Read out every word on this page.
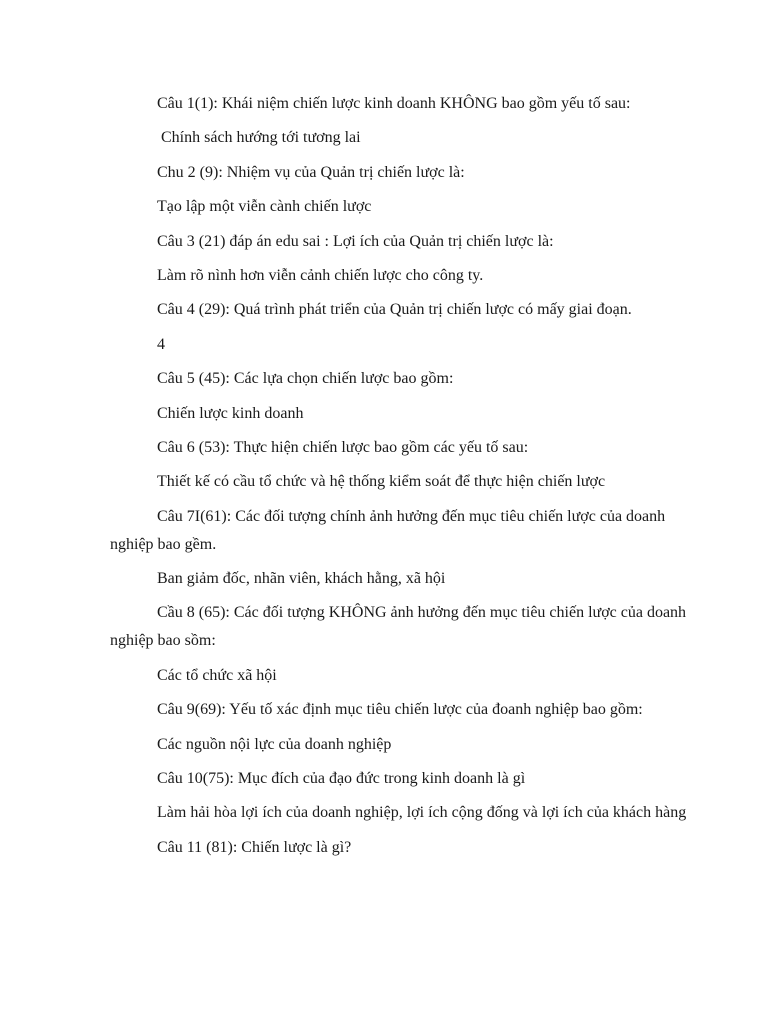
Câu 1(1): Khái niệm chiến lược kinh doanh KHÔNG bao gồm yếu tố sau:

Chính sách hướng tới tương lai

Chu 2 (9): Nhiệm vụ của Quản trị chiến lược là:

Tạo lập một viễn cành chiến lược

Câu 3 (21) đáp án edu sai : Lợi ích của Quản trị chiến lược là:

Làm rõ nình hơn viễn cảnh chiến lược cho công ty.

Câu 4 (29): Quá trình phát triển của Quản trị chiến lược có mấy giai đoạn.

4

Câu 5 (45): Các lựa chọn chiến lược bao gồm:

Chiến lược kinh doanh

Câu 6 (53): Thực hiện chiến lược bao gồm các yếu tố sau:

Thiết kế có cầu tổ chức và hệ thống kiểm soát để thực hiện chiến lược

Câu 7I(61): Các đối tượng chính ảnh hưởng đến mục tiêu chiến lược của doanh nghiệp bao gềm.

Ban giảm đốc, nhãn viên, khách hằng, xã hội

Cầu 8 (65): Các đối tượng KHÔNG ảnh hưởng đến mục tiêu chiến lược của doanh nghiệp bao sồm:

Các tổ chức xã hội

Câu 9(69): Yếu tố xác định mục tiêu chiến lược của đoanh nghiệp bao gồm:

Các nguồn nội lực của doanh nghiệp

Câu 10(75): Mục đích của đạo đức trong kinh doanh là gì

Làm hải hòa lợi ích của doanh nghiệp, lợi ích cộng đống và lợi ích của khách hàng

Câu 11 (81): Chiến lược là gì?
